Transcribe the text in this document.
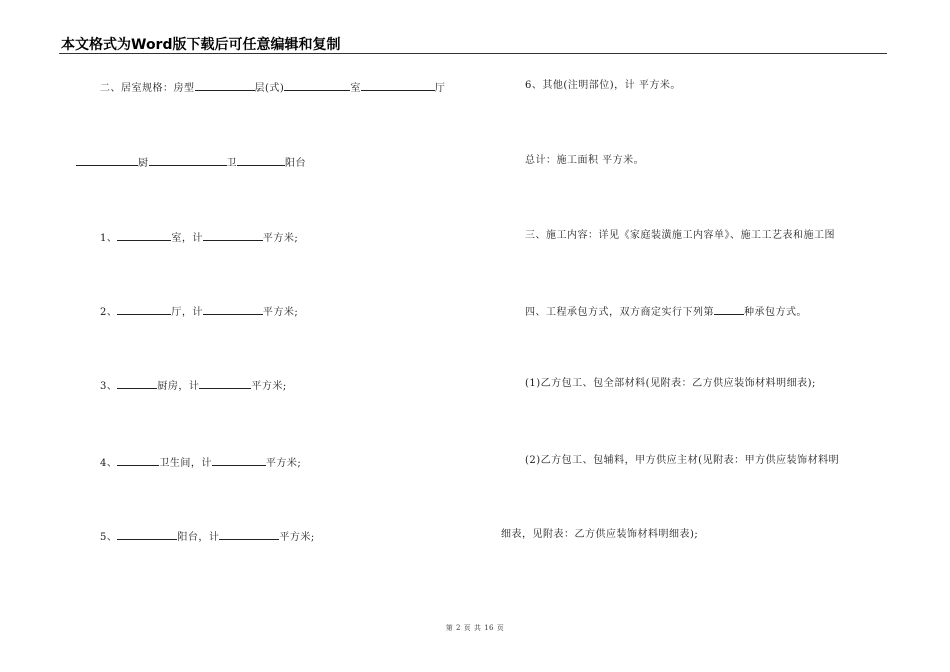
本文格式为Word版下载后可任意编辑和复制
二、居室规格：房型	层(式)	室	厅
厨	卫	阳台
1、	室，计	平方米;
2、	厅，计	平方米;
3、	厨房，计	平方米;
4、	卫生间，计	平方米;
5、	阳台，计	平方米;
6、其他(注明部位)，计 平方米。
总计：施工面积 平方米。
三、施工内容：详见《家庭装潢施工内容单》、施工工艺表和施工图
四、工程承包方式，双方商定实行下列第	种承包方式。
(1)乙方包工、包全部材料(见附表：乙方供应装饰材料明细表);
(2)乙方包工、包辅料，甲方供应主材(见附表：甲方供应装饰材料明
细表，见附表：乙方供应装饰材料明细表);
第 2 页 共 16 页
